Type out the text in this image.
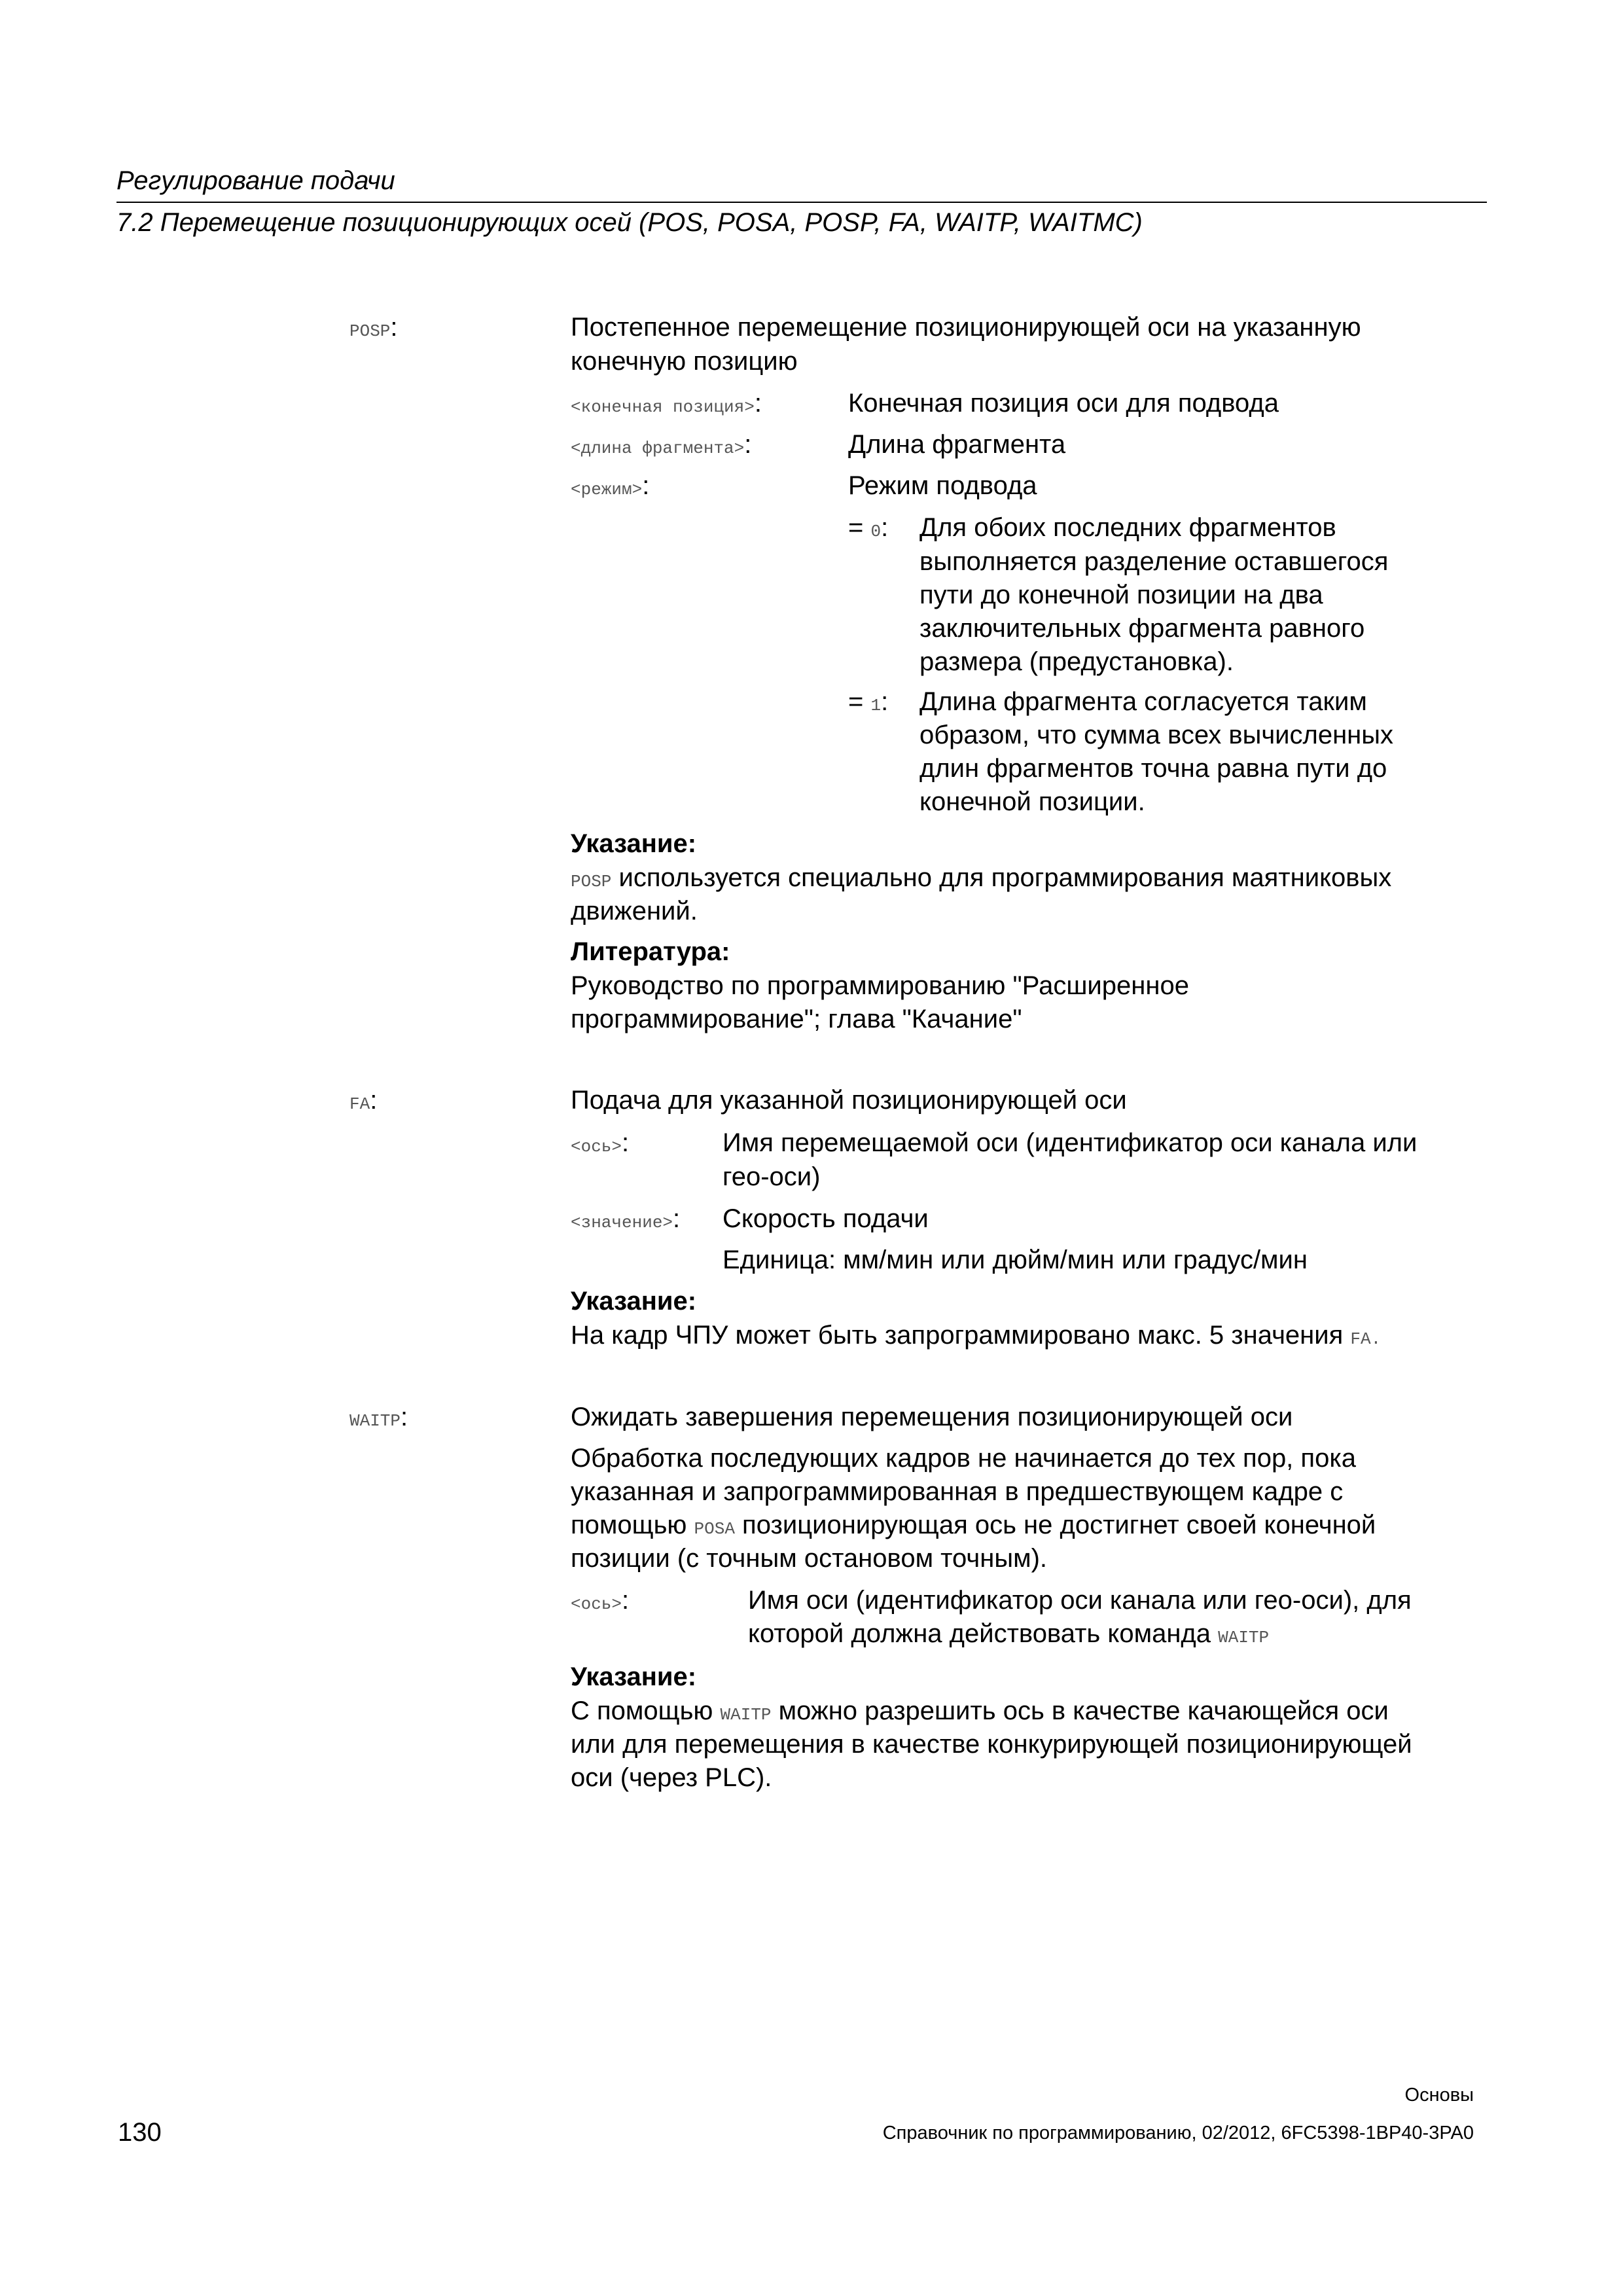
Регулирование подачи
7.2 Перемещение позиционирующих осей (POS, POSA, POSP, FA, WAITP, WAITMC)
POSP:	Постепенное перемещение позиционирующей оси на указанную
конечную позицию
<конечная позиция>:	Конечная позиция оси для подвода
<длина фрагмента>:	Длина фрагмента
<режим>:	Режим подвода
= 0: Для обоих последних фрагментов
выполняется разделение оставшегося
пути до конечной позиции на два
заключительных фрагмента равного
размера (предустановка).
= 1: Длина фрагмента согласуется таким
образом, что сумма всех вычисленных
длин фрагментов точна равна пути до
конечной позиции.
Указание:
POSP используется специально для программирования маятниковых
движений.
Литература:
Руководство по программированию "Расширенное
программирование"; глава "Качание"
FA:	Подача для указанной позиционирующей оси
<ось>:	Имя перемещаемой оси (идентификатор оси канала или
гео-оси)
<значение>: Скорость подачи
Единица: мм/мин или дюйм/мин или градус/мин
Указание:
На кадр ЧПУ может быть запрограммировано макс. 5 значения FA.
WAITP:	Ожидать завершения перемещения позиционирующей оси
Обработка последующих кадров не начинается до тех пор, пока
указанная и запрограммированная в предшествующем кадре с
помощью POSA позиционирующая ось не достигнет своей конечной
позиции (с точным остановом точным).
<ось>:	Имя оси (идентификатор оси канала или гео-оси), для
которой должна действовать команда WAITP
Указание:
С помощью WAITP можно разрешить ось в качестве качающейся оси
или для перемещения в качестве конкурирующей позиционирующей
оси (через PLC).
Основы
130	Справочник по программированию, 02/2012, 6FC5398-1BP40-3PA0
